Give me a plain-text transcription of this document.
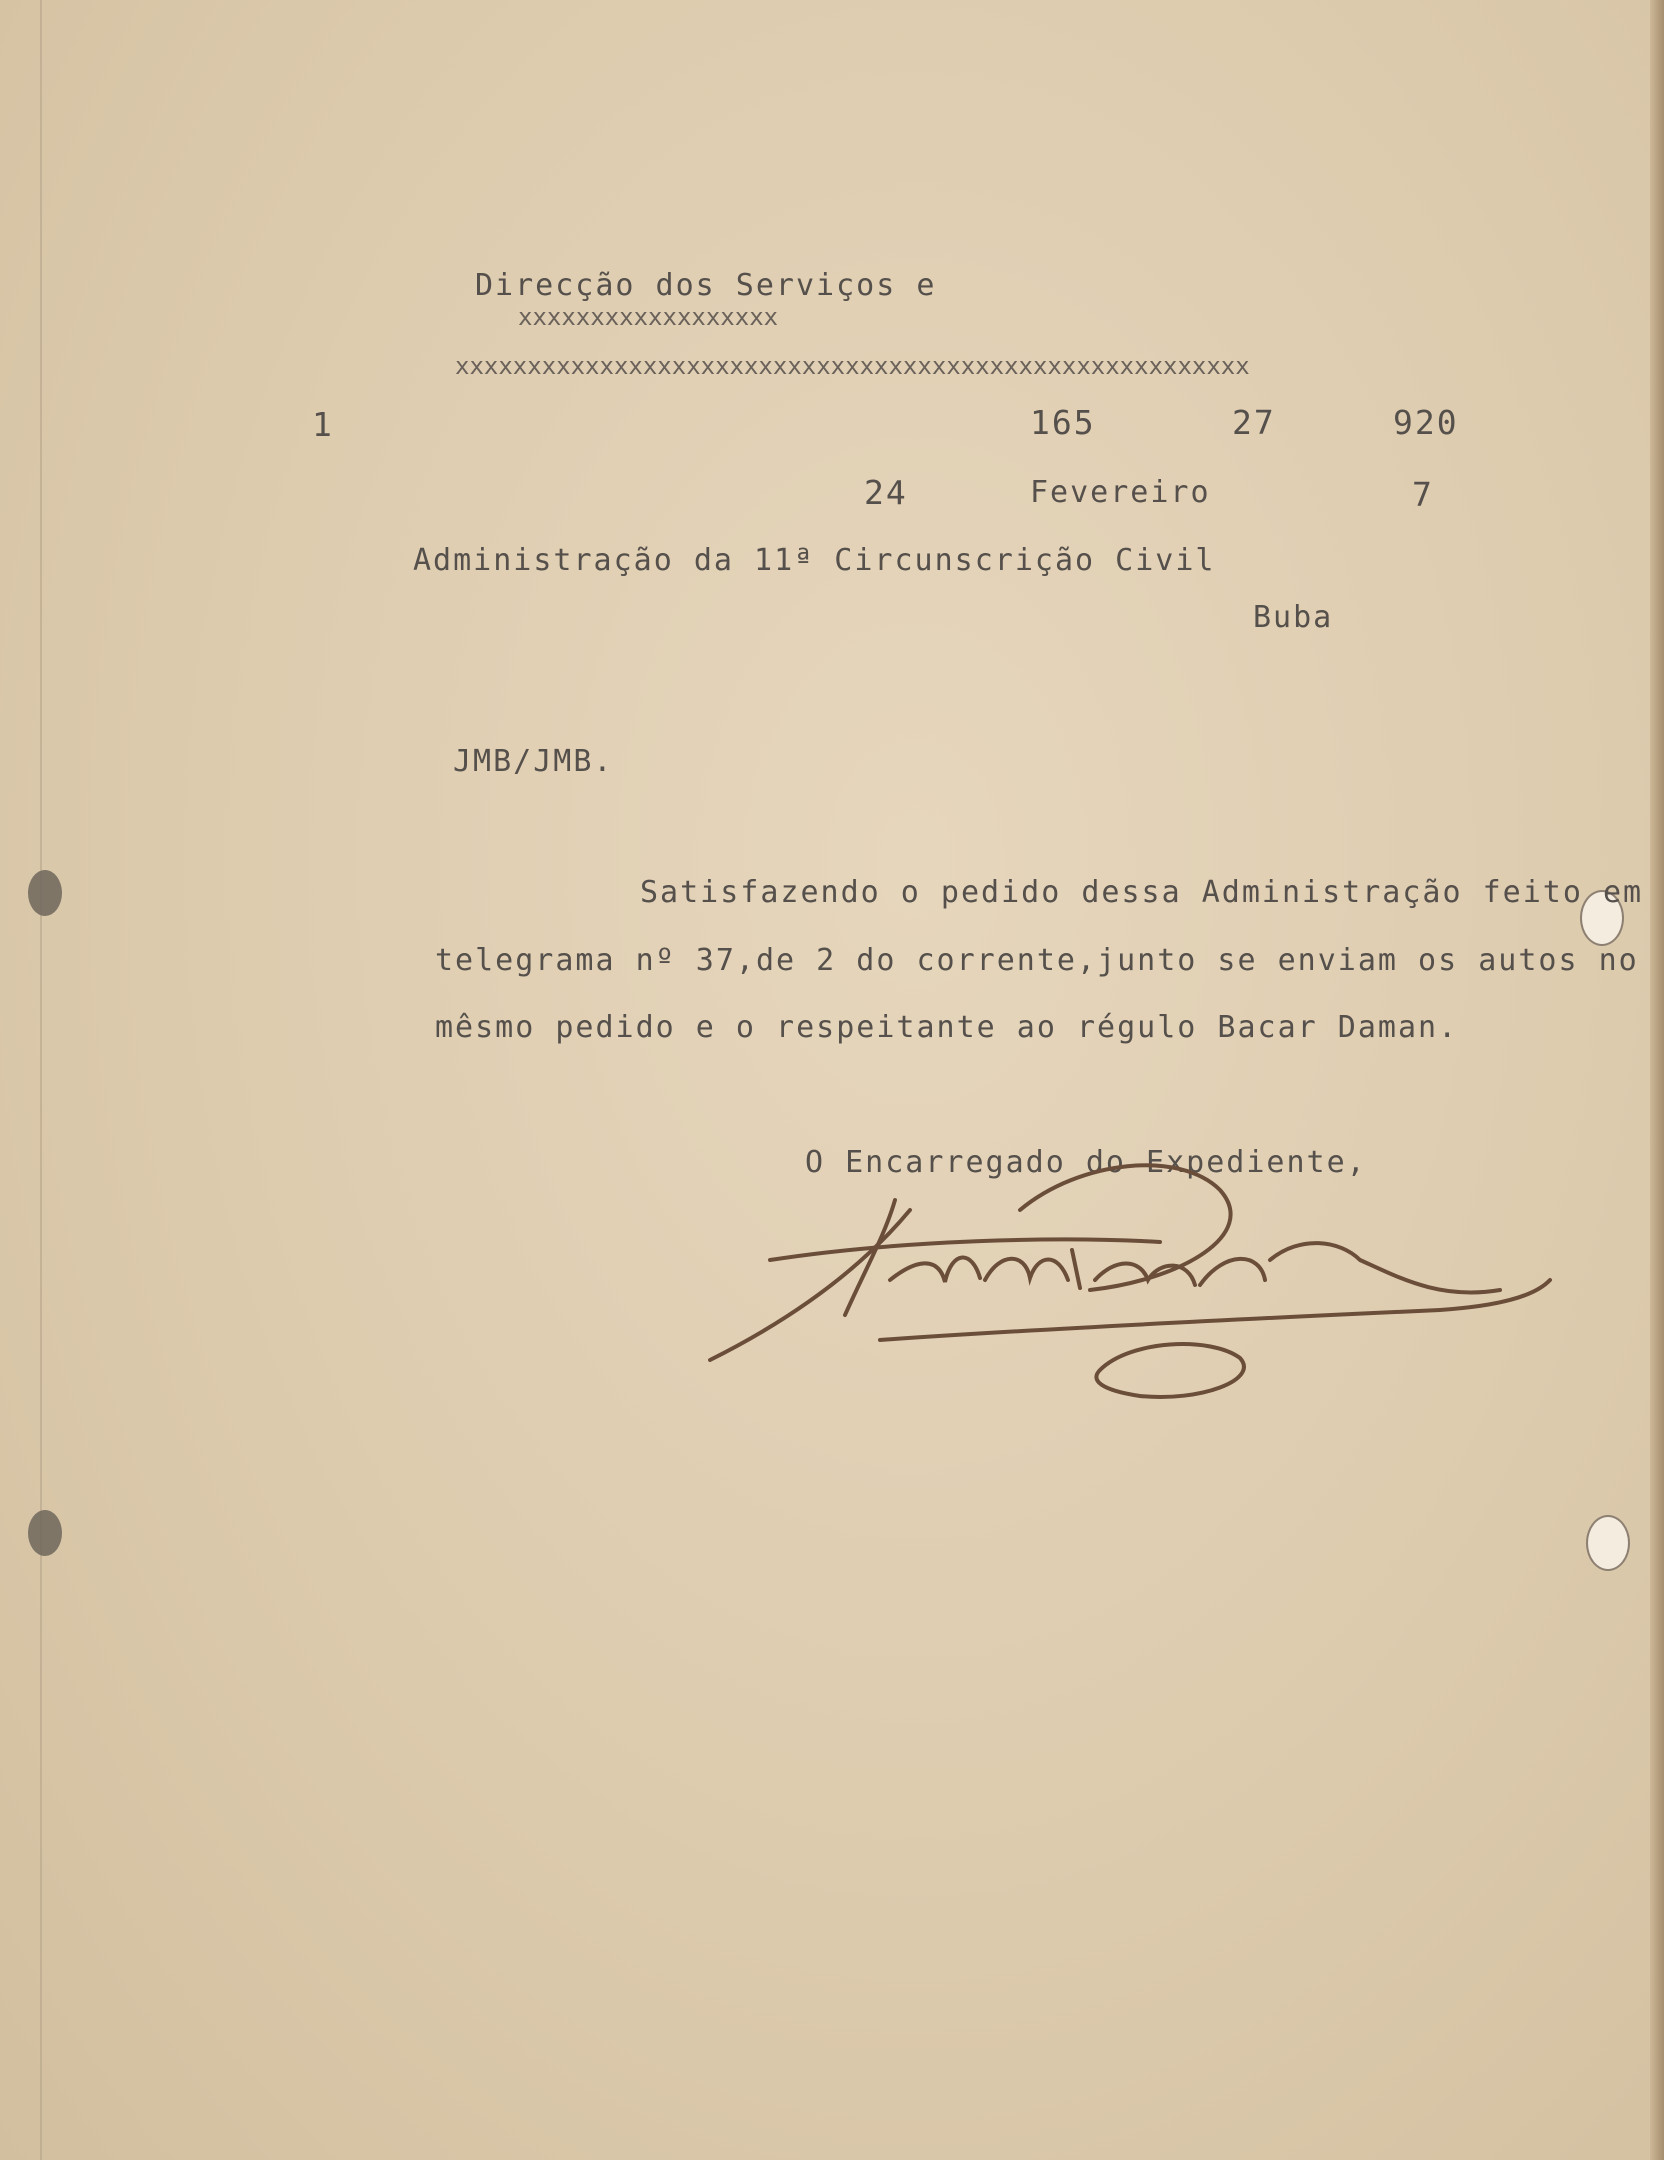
Direcção dos Serviços e
xxxxxxxxxxxxxxxxxx
xxxxxxxxxxxxxxxxxxxxxxxxxxxxxxxxxxxxxxxxxxxxxxxxxxxxxxx
1	165	27	920
24	Fevereiro	7
Administração da 11ª Circunscrição Civil
Buba
JMB/JMB.
Satisfazendo o pedido dessa Administração feito em
telegrama nº 37,de 2 do corrente,junto se enviam os autos no
mêsmo pedido e o respeitante ao régulo Bacar Daman.
O Encarregado do Expediente,
